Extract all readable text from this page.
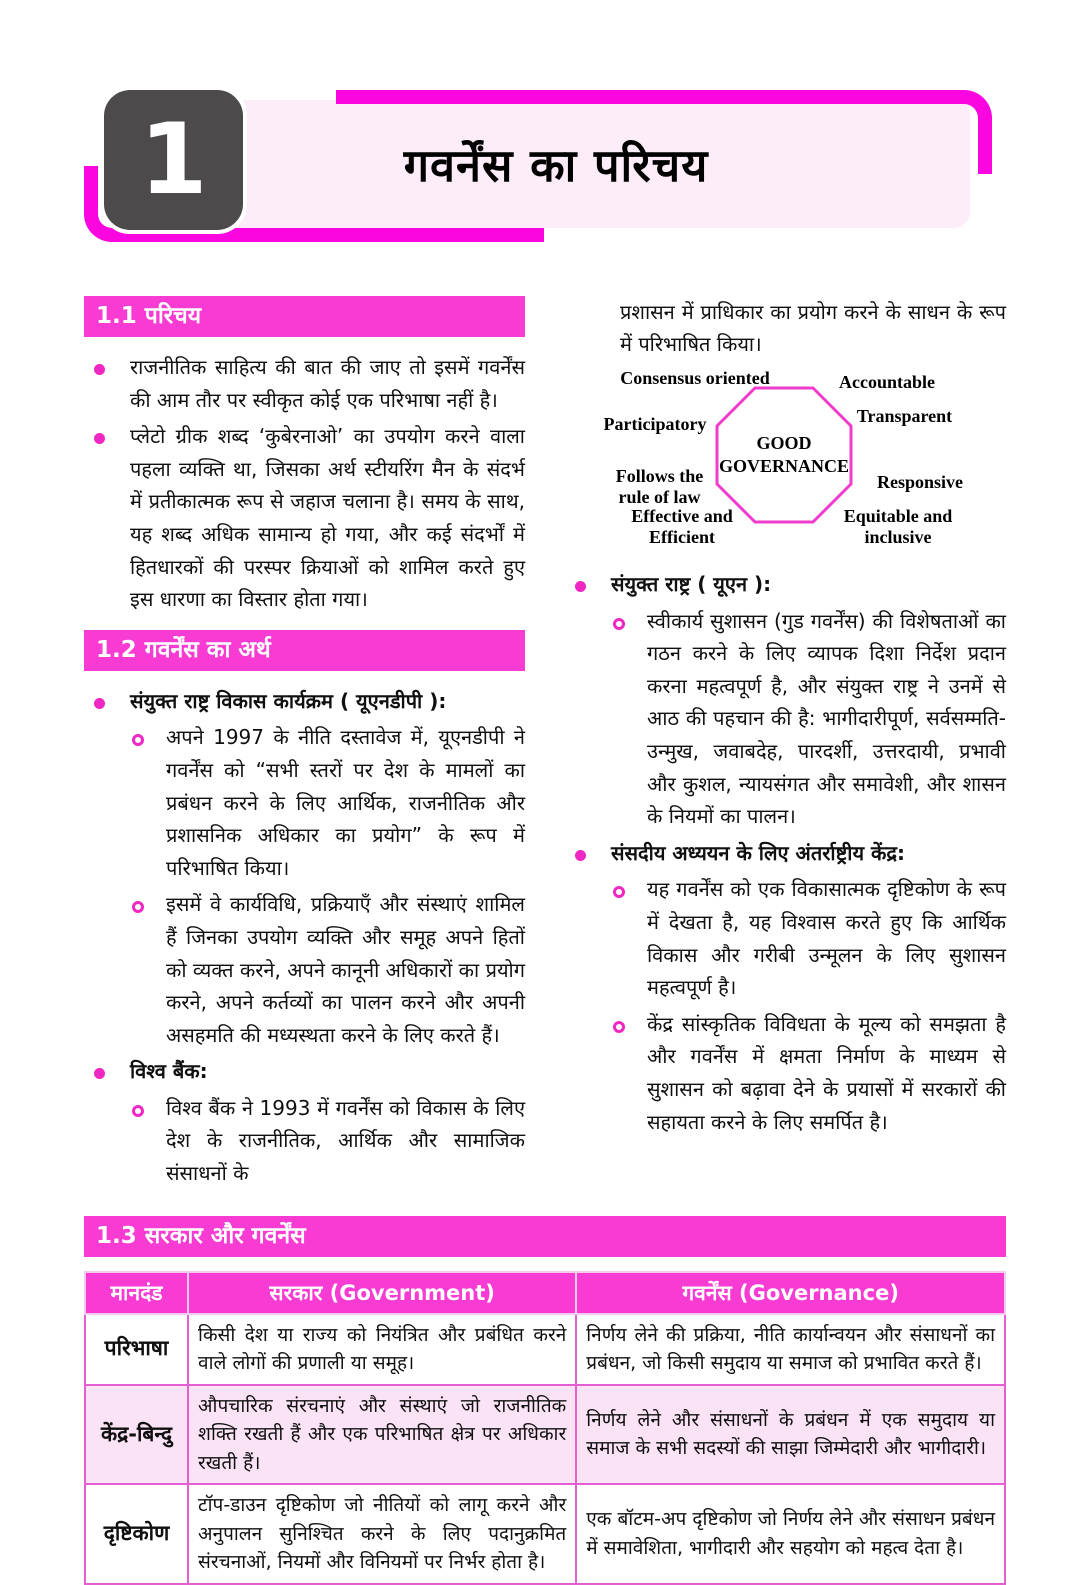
गवर्नेंस का परिचय
1
1.1 परिचय
राजनीतिक साहित्य की बात की जाए तो इसमें गवर्नेंस की आम तौर पर स्वीकृत कोई एक परिभाषा नहीं है।
प्लेटो ग्रीक शब्द ‘कुबेरनाओ’ का उपयोग करने वाला पहला व्यक्ति था, जिसका अर्थ स्टीयरिंग मैन के संदर्भ में प्रतीकात्मक रूप से जहाज चलाना है। समय के साथ, यह शब्द अधिक सामान्य हो गया, और कई संदर्भों में हितधारकों की परस्पर क्रियाओं को शामिल करते हुए इस धारणा का विस्तार होता गया।
1.2 गवर्नेंस का अर्थ
संयुक्त राष्ट्र विकास कार्यक्रम ( यूएनडीपी ):
अपने 1997 के नीति दस्तावेज में, यूएनडीपी ने गवर्नेंस को “सभी स्तरों पर देश के मामलों का प्रबंधन करने के लिए आर्थिक, राजनीतिक और प्रशासनिक अधिकार का प्रयोग” के रूप में परिभाषित किया।
इसमें वे कार्यविधि, प्रक्रियाएँ और संस्थाएं शामिल हैं जिनका उपयोग व्यक्ति और समूह अपने हितों को व्यक्त करने, अपने कानूनी अधिकारों का प्रयोग करने, अपने कर्तव्यों का पालन करने और अपनी असहमति की मध्यस्थता करने के लिए करते हैं।
विश्व बैंक:
विश्व बैंक ने 1993 में गवर्नेंस को विकास के लिए देश के राजनीतिक, आर्थिक और सामाजिक संसाधनों के
प्रशासन में प्राधिकार का प्रयोग करने के साधन के रूप में परिभाषित किया।
GOOD GOVERNANCE
Consensus oriented
Participatory
Follows the rule of law
Effective and Efficient
Accountable
Transparent
Responsive
Equitable and inclusive
संयुक्त राष्ट्र ( यूएन ):
स्वीकार्य सुशासन (गुड गवर्नेंस) की विशेषताओं का गठन करने के लिए व्यापक दिशा निर्देश प्रदान करना महत्वपूर्ण है, और संयुक्त राष्ट्र ने उनमें से आठ की पहचान की है: भागीदारीपूर्ण, सर्वसम्मति-उन्मुख, जवाबदेह, पारदर्शी, उत्तरदायी, प्रभावी और कुशल, न्यायसंगत और समावेशी, और शासन के नियमों का पालन।
संसदीय अध्ययन के लिए अंतर्राष्ट्रीय केंद्र:
यह गवर्नेंस को एक विकासात्मक दृष्टिकोण के रूप में देखता है, यह विश्वास करते हुए कि आर्थिक विकास और गरीबी उन्मूलन के लिए सुशासन महत्वपूर्ण है।
केंद्र सांस्कृतिक विविधता के मूल्य को समझता है और गवर्नेंस में क्षमता निर्माण के माध्यम से सुशासन को बढ़ावा देने के प्रयासों में सरकारों की सहायता करने के लिए समर्पित है।
1.3 सरकार और गवर्नेंस
मानदंड	सरकार (Government)	गवर्नेंस (Governance)
परिभाषा	किसी देश या राज्य को नियंत्रित और प्रबंधित करने वाले लोगों की प्रणाली या समूह।	निर्णय लेने की प्रक्रिया, नीति कार्यान्वयन और संसाधनों का प्रबंधन, जो किसी समुदाय या समाज को प्रभावित करते हैं।
केंद्र-बिन्दु	औपचारिक संरचनाएं और संस्थाएं जो राजनीतिक शक्ति रखती हैं और एक परिभाषित क्षेत्र पर अधिकार रखती हैं।	निर्णय लेने और संसाधनों के प्रबंधन में एक समुदाय या समाज के सभी सदस्यों की साझा जिम्मेदारी और भागीदारी।
दृष्टिकोण	टॉप-डाउन दृष्टिकोण जो नीतियों को लागू करने और अनुपालन सुनिश्चित करने के लिए पदानुक्रमित संरचनाओं, नियमों और विनियमों पर निर्भर होता है।	एक बॉटम-अप दृष्टिकोण जो निर्णय लेने और संसाधन प्रबंधन में समावेशिता, भागीदारी और सहयोग को महत्व देता है।
